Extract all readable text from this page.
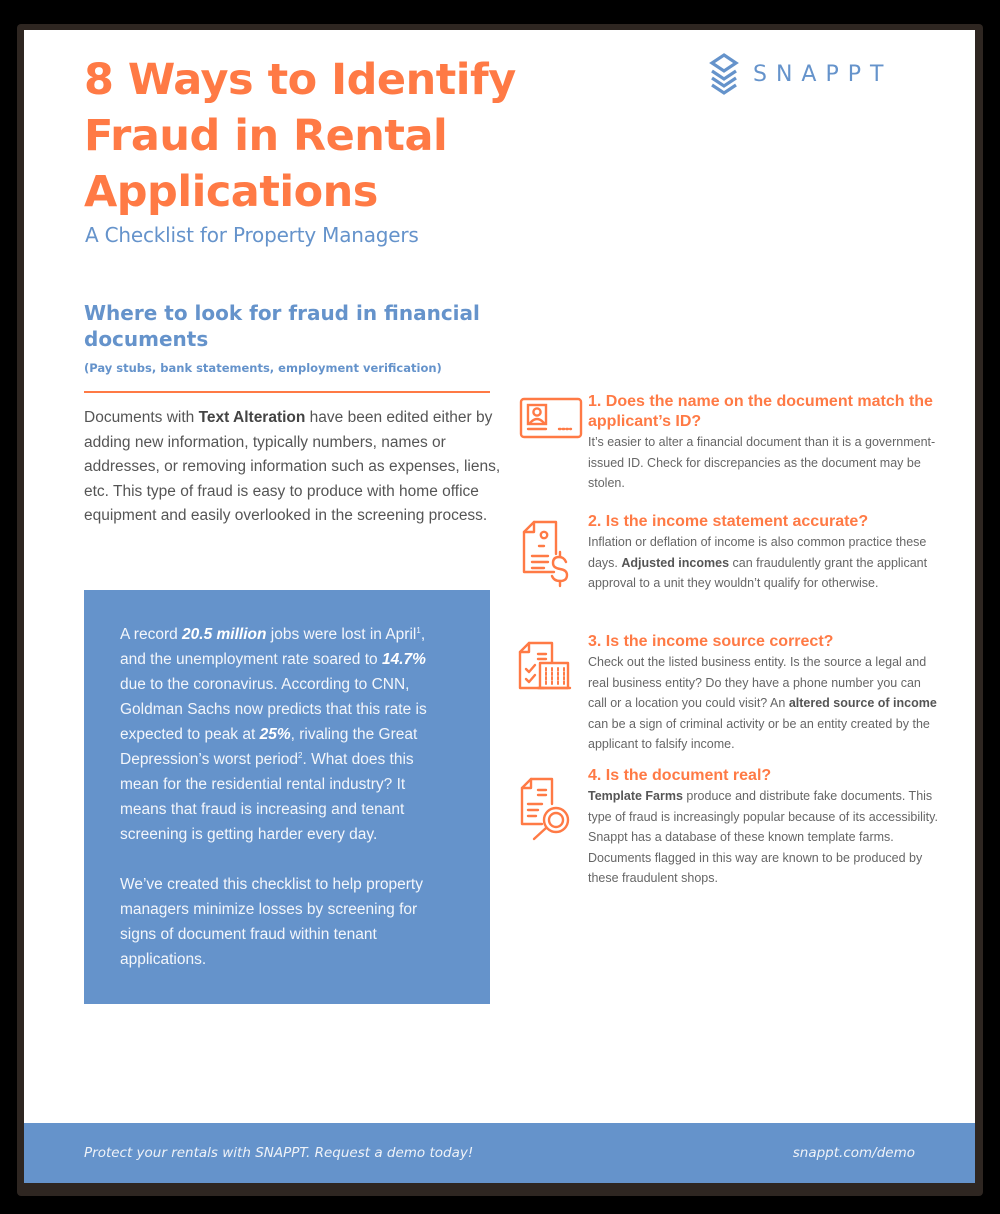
8 Ways to Identify
Fraud in Rental
Applications
A Checklist for Property Managers
SNAPPT
Where to look for fraud in financial documents
(Pay stubs, bank statements, employment verification)

Documents with Text Alteration have been edited either by adding new information, typically numbers, names or addresses, or removing information such as expenses, liens, etc. This type of fraud is easy to produce with home office equipment and easily overlooked in the screening process.

A record 20.5 million jobs were lost in April$^1$, and the unemployment rate soared to 14.7% due to the coronavirus. According to CNN, Goldman Sachs now predicts that this rate is expected to peak at 25%, rivaling the Great Depression’s worst period$^2$. What does this mean for the residential rental industry? It means that fraud is increasing and tenant screening is getting harder every day.

We’ve created this checklist to help property managers minimize losses by screening for signs of document fraud within tenant applications.

1. Does the name on the document match the applicant’s ID?
It’s easier to alter a financial document than it is a government-issued ID. Check for discrepancies as the document may be stolen.
2. Is the income statement accurate?
Inflation or deflation of income is also common practice these days. Adjusted incomes can fraudulently grant the applicant approval to a unit they wouldn’t qualify for otherwise.
3. Is the income source correct?
Check out the listed business entity. Is the source a legal and real business entity? Do they have a phone number you can call or a location you could visit? An altered source of income can be a sign of criminal activity or be an entity created by the applicant to falsify income.
4. Is the document real?
Template Farms produce and distribute fake documents. This type of fraud is increasingly popular because of its accessibility. Snappt has a database of these known template farms. Documents flagged in this way are known to be produced by these fraudulent shops.
Protect your rentals with SNAPPT. Request a demo today!	snappt.com/demo
